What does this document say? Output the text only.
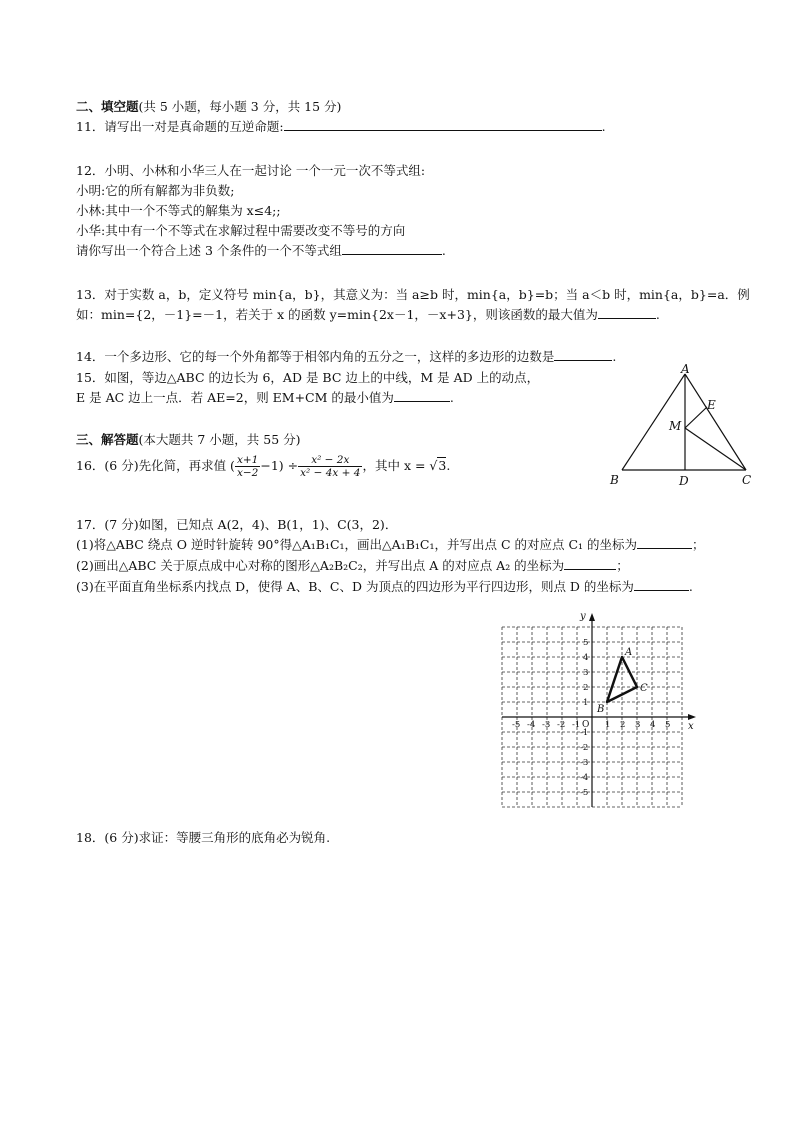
二、填空题(共 5 小题，每小题 3 分，共 15 分)
11．请写出一对是真命题的互逆命题:	.
12．小明、小林和小华三人在一起讨论 一个一元一次不等式组:
小明:它的所有解都为非负数;
小林:其中一个不等式的解集为 x≤4;;
小华:其中有一个不等式在求解过程中需要改变不等号的方向
请你写出一个符合上述 3 个条件的一个不等式组	.
13．对于实数 a，b，定义符号 min{a，b}，其意义为：当 a≥b 时，min{a，b}=b；当 a＜b 时，min{a，b}=a．例
如：min={2，－1}=－1，若关于 x 的函数 y=min{2x－1，－x+3}，则该函数的最大值为	.
14．一个多边形、它的每一个外角都等于相邻内角的五分之一，这样的多边形的边数是	.
15．如图，等边△ABC 的边长为 6，AD 是 BC 边上的中线，M 是 AD 上的动点，
E 是 AC 边上一点．若 AE=2，则 EM+CM 的最小值为	.
A
B	C
D
E
M
三、解答题(本大题共 7 小题，共 55 分)
16．(6 分)先化简，再求值 ( $\frac{x+1}{x-2} -1) \div \frac{\text{x² − 2x}}{\text{x² − 4x + 4}}$ ，其中 x = √3.
17．(7 分)如图，已知点 A(2，4)、B(1，1)、C(3，2)．
(1)将△ABC 绕点 O 逆时针旋转 90°得△A₁B₁C₁，画出△A₁B₁C₁，并写出点 C 的对应点 C₁ 的坐标为	；
(2)画出△ABC 关于原点成中心对称的图形△A₂B₂C₂，并写出点 A 的对应点 A₂ 的坐标为	；
(3)在平面直角坐标系内找点 D，使得 A、B、C、D 为顶点的四边形为平行四边形，则点 D 的坐标为	.
x
y
O
-5 -4 -3 -2 -1	1 2 3 4 5
5
4
3
2
1
-1
-2
-3
-4
-5
A
B
C
18．(6 分)求证：等腰三角形的底角必为锐角.
